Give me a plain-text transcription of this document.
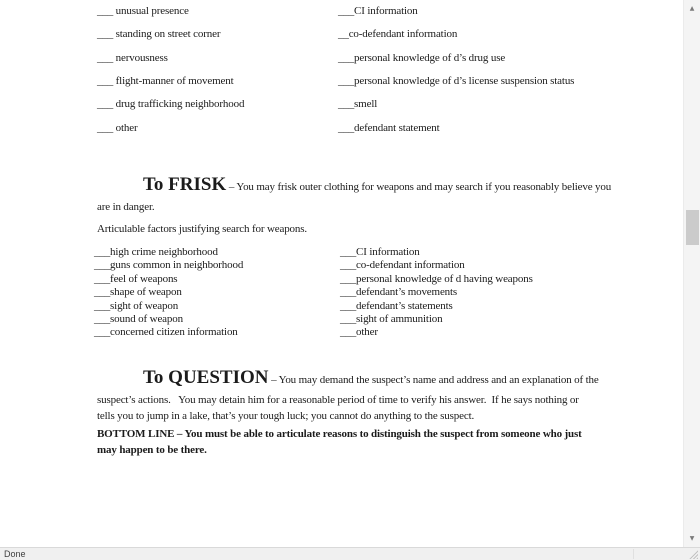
___ unusual presence	___CI information
___ standing on street corner	__co-defendant information
___ nervousness	___personal knowledge of d’s drug use
___ flight-manner of movement	___personal knowledge of d’s license suspension status
___ drug trafficking neighborhood	___smell
___ other	___defendant statement
To FRISK – You may frisk outer clothing for weapons and may search if you reasonably believe you
are in danger.
Articulable factors justifying search for weapons.
___high crime neighborhood	___CI information
___guns common in neighborhood	___co-defendant information
___feel of weapons	___personal knowledge of d having weapons
___shape of weapon	___defendant’s movements
___sight of weapon	___defendant’s statements
___sound of weapon	___sight of ammunition
___concerned citizen information	___other
To QUESTION – You may demand the suspect’s name and address and an explanation of the
suspect’s actions.   You may detain him for a reasonable period of time to verify his answer.  If he says nothing or
tells you to jump in a lake, that’s your tough luck; you cannot do anything to the suspect.
BOTTOM LINE – You must be able to articulate reasons to distinguish the suspect from someone who just
may happen to be there.
▲
▼
Done
